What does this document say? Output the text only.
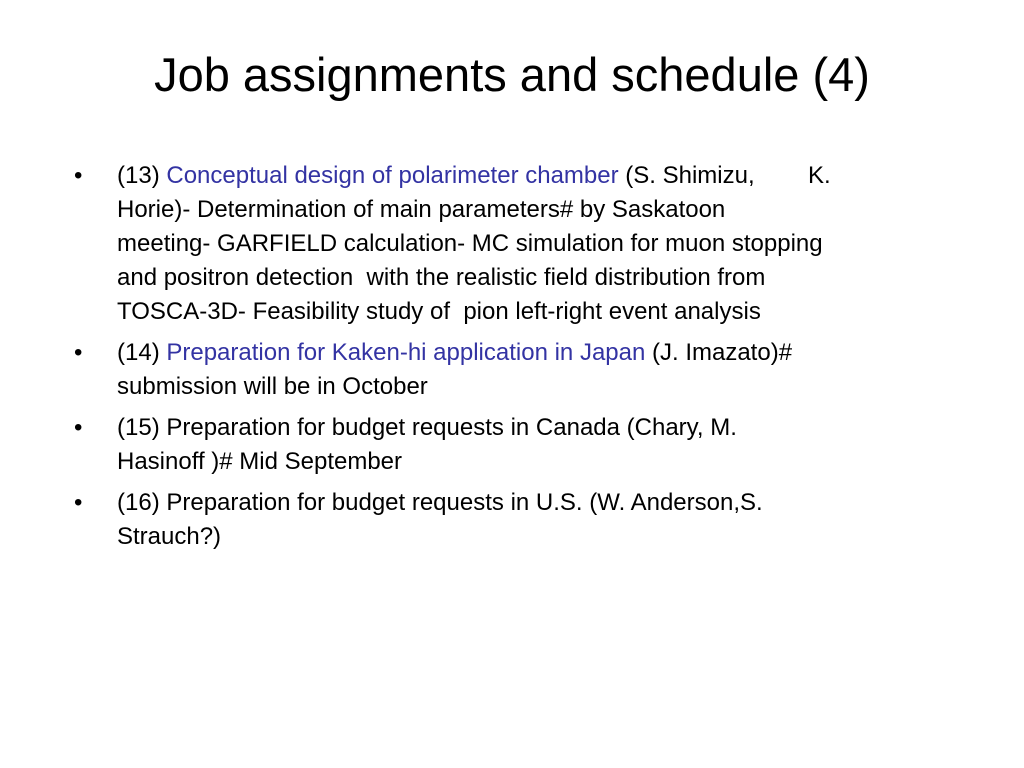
Job assignments and schedule (4)
• (13) Conceptual design of polarimeter chamber (S. Shimizu,        K.
Horie)- Determination of main parameters# by Saskatoon
meeting- GARFIELD calculation- MC simulation for muon stopping
and positron detection  with the realistic field distribution from
TOSCA-3D- Feasibility study of  pion left-right event analysis
• (14) Preparation for Kaken-hi application in Japan (J. Imazato)#
submission will be in October
• (15) Preparation for budget requests in Canada (Chary, M.
Hasinoff )# Mid September
• (16) Preparation for budget requests in U.S. (W. Anderson,S.
Strauch?)
